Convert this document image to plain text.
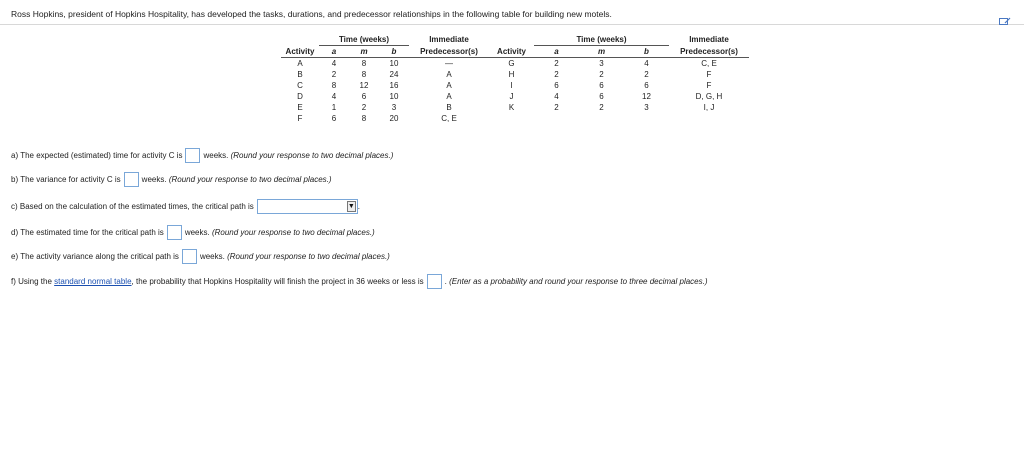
Ross Hopkins, president of Hopkins Hospitality, has developed the tasks, durations, and predecessor relationships in the following table for building new motels.
	Time (weeks)			Immediate		Time (weeks)			Immediate
Activity	a	m	b	Predecessor(s)	Activity	a	m	b	Predecessor(s)
A	4	8	10	—	G	2	3	4	C, E
B	2	8	24	A	H	2	2	2	F
C	8	12	16	A	I	6	6	6	F
D	4	6	10	A	J	4	6	12	D, G, H
E	1	2	3	B	K	2	2	3	I, J
F	6	8	20	C, E					
a) The expected (estimated) time for activity C is	weeks.
(Round your response to two decimal places.)
b) The variance for activity C is	weeks.
(Round your response to two decimal places.)
c) Based on the calculation of the estimated times, the critical path is	▼ .
d) The estimated time for the critical path is	weeks.
(Round your response to two decimal places.)
e) The activity variance along the critical path is	weeks.
(Round your response to two decimal places.)
f) Using the
standard normal table , the probability that Hopkins Hospitality will finish the project in 36 weeks or less is	.
(Enter as a probability and round your response to three decimal places.)
